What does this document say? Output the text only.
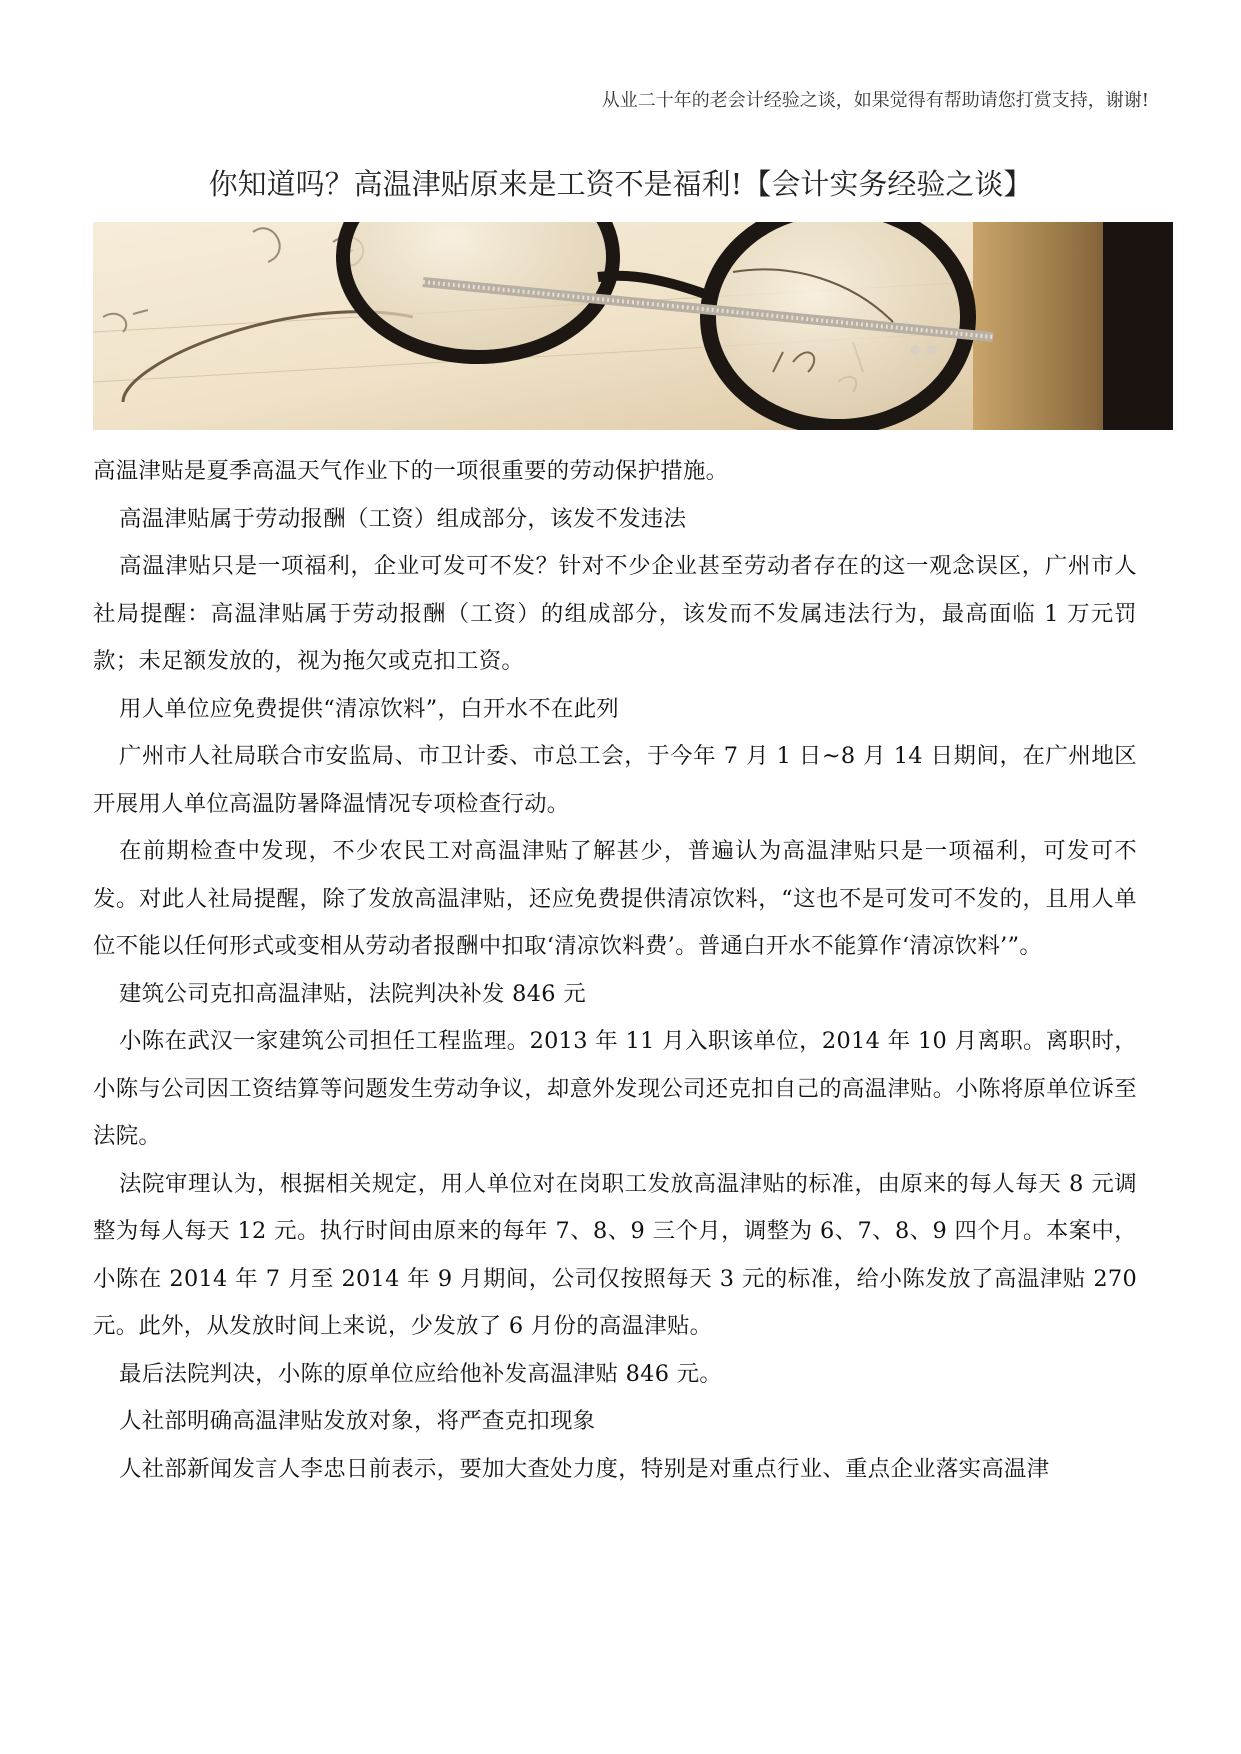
从业二十年的老会计经验之谈，如果觉得有帮助请您打赏支持，谢谢!
你知道吗？高温津贴原来是工资不是福利!【会计实务经验之谈】

高温津贴是夏季高温天气作业下的一项很重要的劳动保护措施。

高温津贴属于劳动报酬（工资）组成部分，该发不发违法

高温津贴只是一项福利，企业可发可不发？针对不少企业甚至劳动者存在的这一观念误区，广州市人社局提醒：高温津贴属于劳动报酬（工资）的组成部分，该发而不发属违法行为，最高面临 1 万元罚款；未足额发放的，视为拖欠或克扣工资。

用人单位应免费提供“清凉饮料”，白开水不在此列

广州市人社局联合市安监局、市卫计委、市总工会，于今年 7 月 1 日~8 月 14 日期间，在广州地区开展用人单位高温防暑降温情况专项检查行动。

在前期检查中发现，不少农民工对高温津贴了解甚少，普遍认为高温津贴只是一项福利，可发可不发。对此人社局提醒，除了发放高温津贴，还应免费提供清凉饮料，“这也不是可发可不发的，且用人单位不能以任何形式或变相从劳动者报酬中扣取‘清凉饮料费’。普通白开水不能算作‘清凉饮料’”。

建筑公司克扣高温津贴，法院判决补发 846 元

小陈在武汉一家建筑公司担任工程监理。2013 年 11 月入职该单位，2014 年 10 月离职。离职时，小陈与公司因工资结算等问题发生劳动争议，却意外发现公司还克扣自己的高温津贴。小陈将原单位诉至法院。

法院审理认为，根据相关规定，用人单位对在岗职工发放高温津贴的标准，由原来的每人每天 8 元调整为每人每天 12 元。执行时间由原来的每年 7、8、9 三个月，调整为 6、7、8、9 四个月。本案中，小陈在 2014 年 7 月至 2014 年 9 月期间，公司仅按照每天 3 元的标准，给小陈发放了高温津贴 270 元。此外，从发放时间上来说，少发放了 6 月份的高温津贴。

最后法院判决，小陈的原单位应给他补发高温津贴 846 元。

人社部明确高温津贴发放对象，将严查克扣现象

人社部新闻发言人李忠日前表示，要加大查处力度，特别是对重点行业、重点企业落实高温津
